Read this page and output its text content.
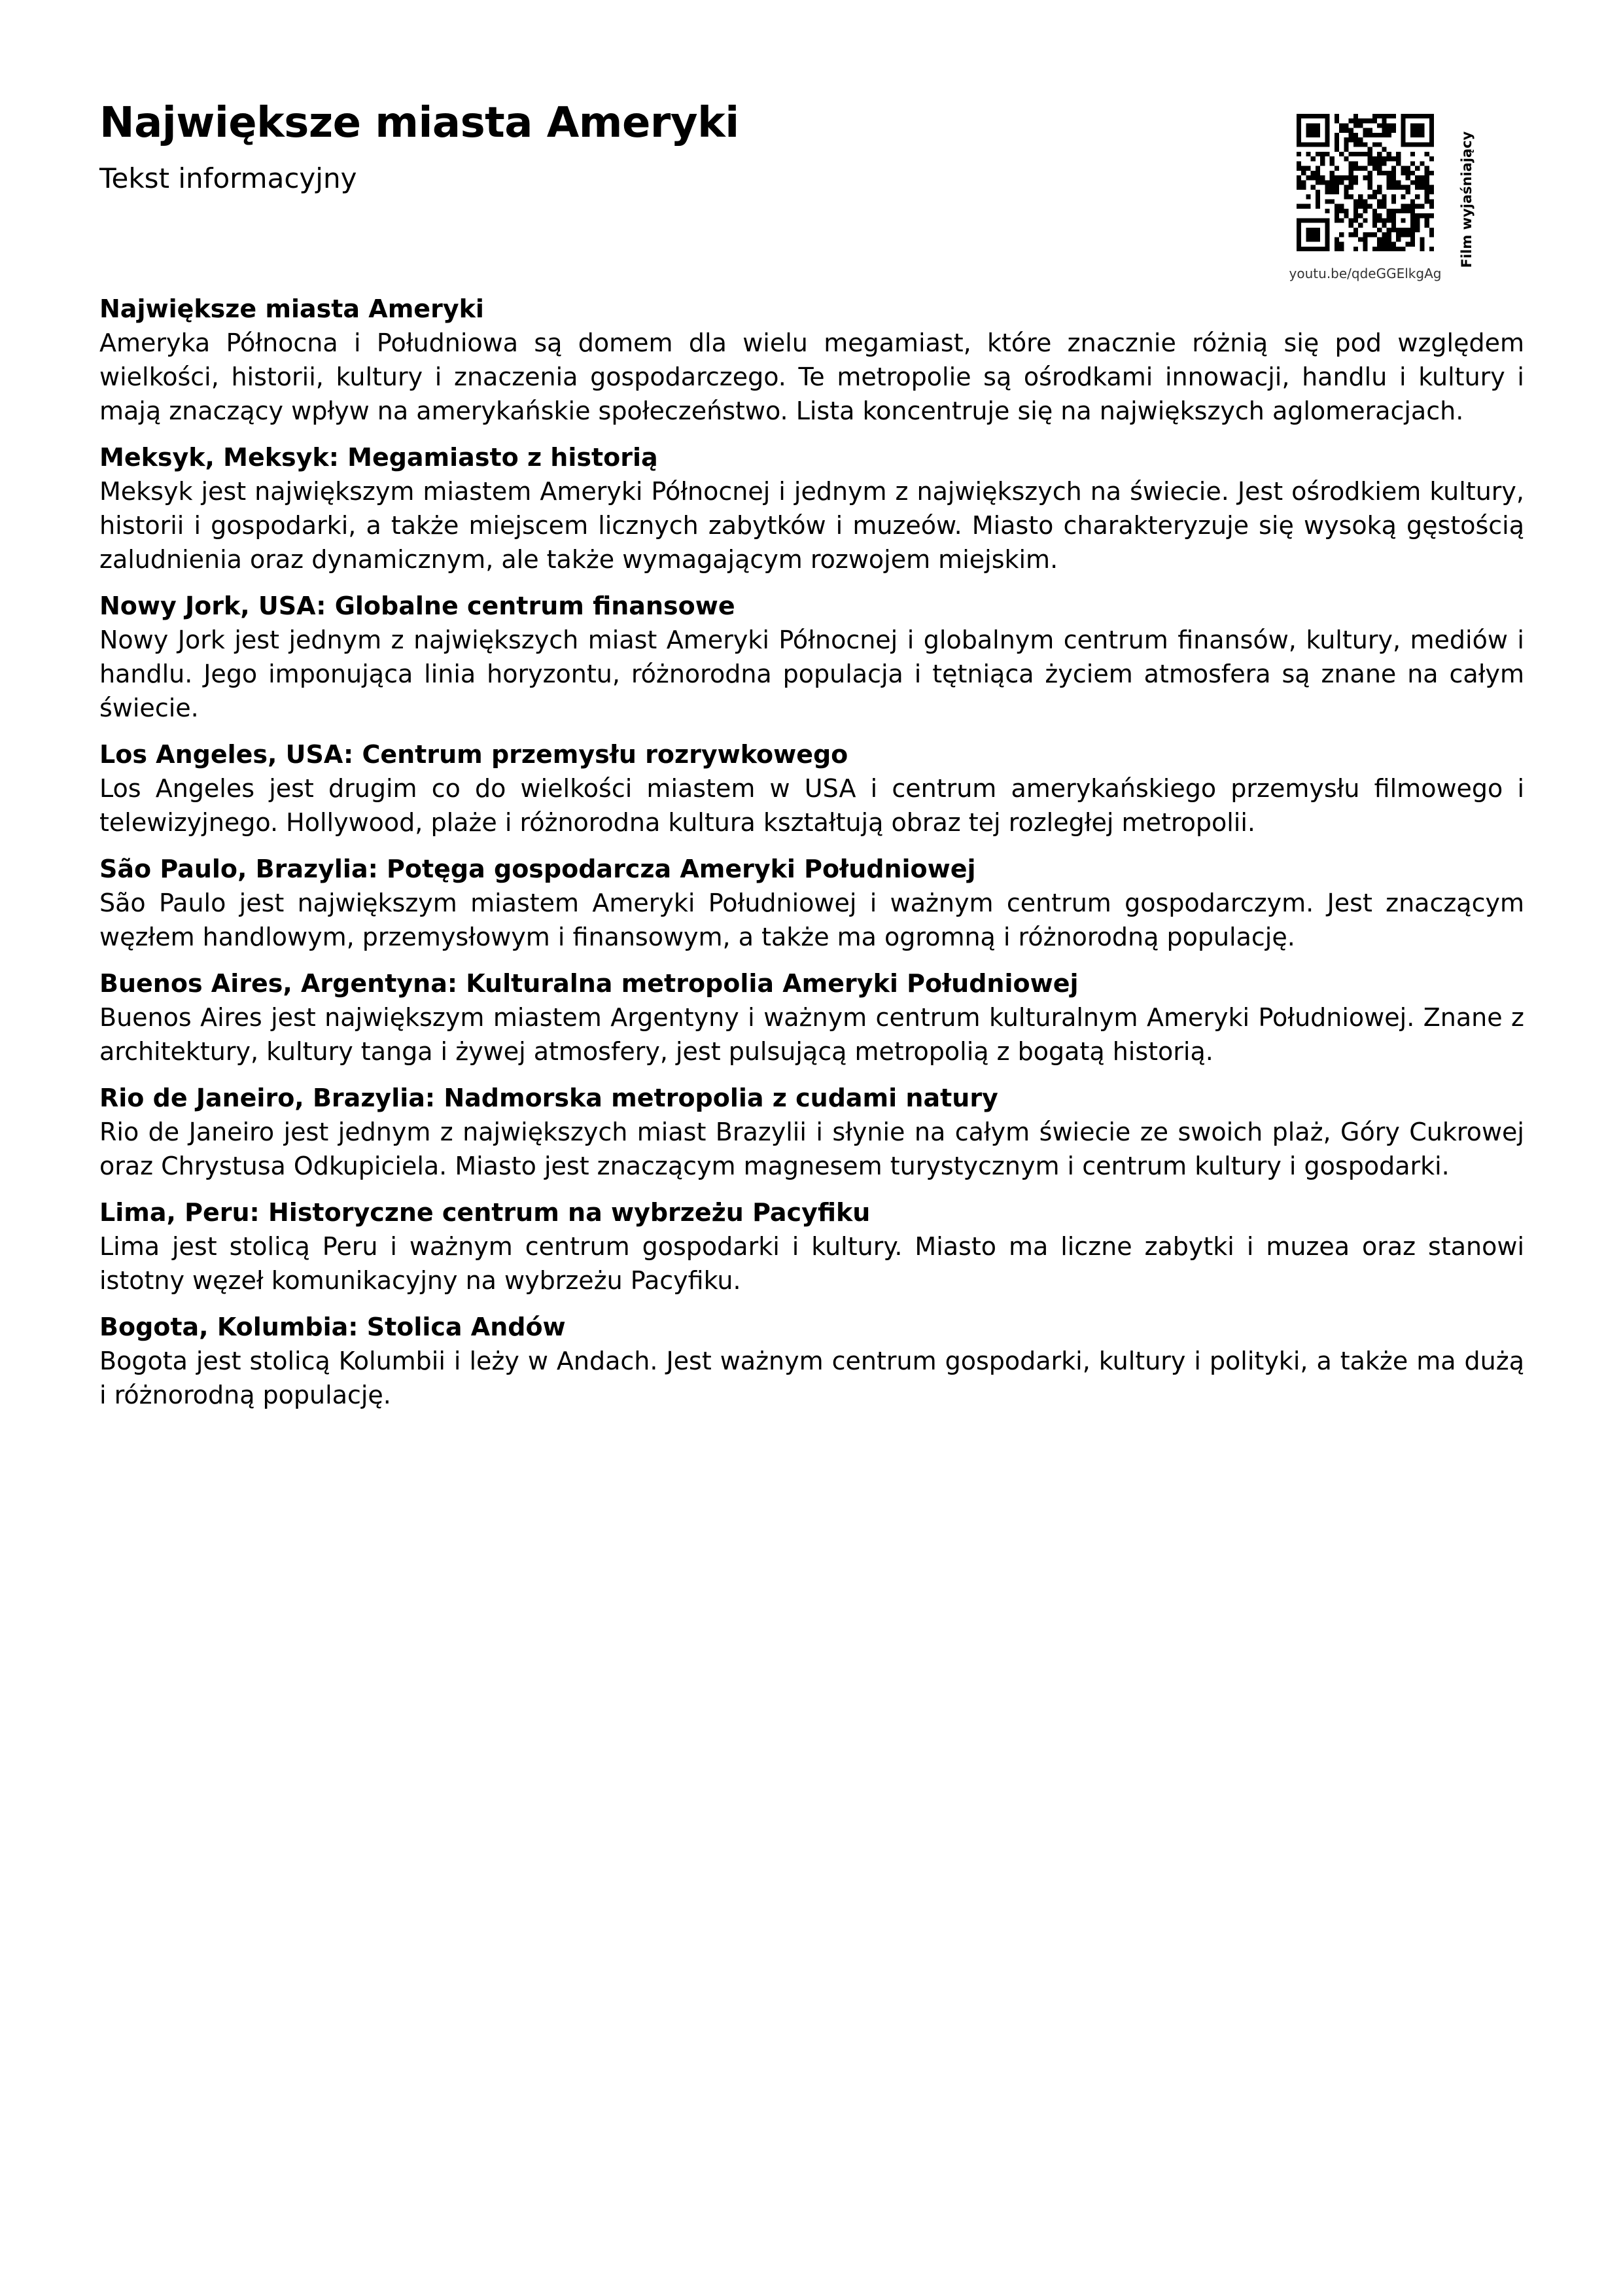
Największe miasta Ameryki

Tekst informacyjny

youtu.be/qdeGGElkgAg
Film wyjaśniający

Największe miasta Ameryki

Ameryka Północna i Południowa są domem dla wielu megamiast, które znacznie różnią się pod względem wielkości, historii, kultury i znaczenia gospodarczego. Te metropolie są ośrodkami innowacji, handlu i kultury i mają znaczący wpływ na amerykańskie społeczeństwo. Lista koncentruje się na największych aglomeracjach.

Meksyk, Meksyk: Megamiasto z historią

Meksyk jest największym miastem Ameryki Północnej i jednym z największych na świecie. Jest ośrodkiem kultury, historii i gospodarki, a także miejscem licznych zabytków i muzeów. Miasto charakteryzuje się wysoką gęstością zaludnienia oraz dynamicznym, ale także wymagającym rozwojem miejskim.

Nowy Jork, USA: Globalne centrum finansowe

Nowy Jork jest jednym z największych miast Ameryki Północnej i globalnym centrum finansów, kultury, mediów i handlu. Jego imponująca linia horyzontu, różnorodna populacja i tętniąca życiem atmosfera są znane na całym świecie.

Los Angeles, USA: Centrum przemysłu rozrywkowego

Los Angeles jest drugim co do wielkości miastem w USA i centrum amerykańskiego przemysłu filmowego i telewizyjnego. Hollywood, plaże i różnorodna kultura kształtują obraz tej rozległej metropolii.

São Paulo, Brazylia: Potęga gospodarcza Ameryki Południowej

São Paulo jest największym miastem Ameryki Południowej i ważnym centrum gospodarczym. Jest znaczącym węzłem handlowym, przemysłowym i finansowym, a także ma ogromną i różnorodną populację.

Buenos Aires, Argentyna: Kulturalna metropolia Ameryki Południowej

Buenos Aires jest największym miastem Argentyny i ważnym centrum kulturalnym Ameryki Południowej. Znane z architektury, kultury tanga i żywej atmosfery, jest pulsującą metropolią z bogatą historią.

Rio de Janeiro, Brazylia: Nadmorska metropolia z cudami natury

Rio de Janeiro jest jednym z największych miast Brazylii i słynie na całym świecie ze swoich plaż, Góry Cukrowej oraz Chrystusa Odkupiciela. Miasto jest znaczącym magnesem turystycznym i centrum kultury i gospodarki.

Lima, Peru: Historyczne centrum na wybrzeżu Pacyfiku

Lima jest stolicą Peru i ważnym centrum gospodarki i kultury. Miasto ma liczne zabytki i muzea oraz stanowi istotny węzeł komunikacyjny na wybrzeżu Pacyfiku.

Bogota, Kolumbia: Stolica Andów

Bogota jest stolicą Kolumbii i leży w Andach. Jest ważnym centrum gospodarki, kultury i polityki, a także ma dużą i różnorodną populację.
